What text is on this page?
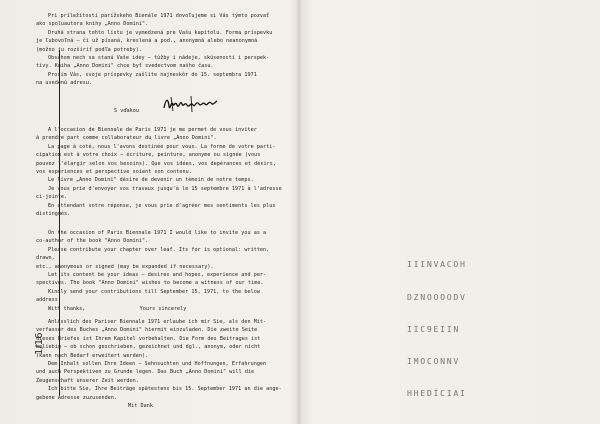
1/16

Pri príležitosti parížskeho Bienále 1971 dovoľujeme si Vás týmto pozvať

ako spoluautora knihy „Anno Domini".

Druhá strana tohto listu je vymedzená pre Vašu kapitolu. Forma príspevku

je ľubovoľná — či už písaná, kreslená a pod., anonymná alebo neanonymná

(možno ju rozšíriť podľa potreby).

Obsahom nech sa stanú Vaše idey — túžby i nádeje, skúsenosti i perspek-

tívy. Kniha „Anno Domini" chce byť svedectvom našho času.

Prosím Vás, svoje príspevky zašlite najneskôr do 15. septembra 1971

na uvedenú adresu.

S vďakou

A l'occasion de Biennale de Paris 1971 je me permet de vous inviter

à prendre part comme collaborateur du livre „Anno Domini".

La page à coté, nous l'avons destinée pour vous. La forme de votre parti-

cipation est à votre choix — écriture, peinture, anonyme ou signée (vous

pouvez l'élargir selon vos besoins). Que vos idées, vos depérances et désirs,

vos expériences et perspective soient son contenu.

Le livre „Anno Domini" désire de devenir un témoin de notre temps.

Je vous prie d'envoyer vos travaux jusqu'à le 15 septembre 1971 à l'adresse

ci-jointe.

En attendant votre réponse, je vous prie d'agréer mes sentiments les plus

distingués.

On the occasion of Paris Biennale 1971 I would like to invite you as a

co-author of the book "Anno Domini".

Please contribute your chapter over leaf. Its for is optional: written, drawn,

etc., anonymous or signed (may be expanded if necessary).

Let its content be your ideas — desires and hopes, experience and per-

spectives. The book "Anno Domini" wishes to become a witness of our time.

Kindly send your contributions till September 15, 1971, to the below

address.

With thanks,	Yours sincerely

Anlässlich des Pariser Biennale 1971 erlaube ich mir Sie, als den Mit-

verfasser des Buches „Anno Domini" hiermit einzuladen. Die zweite Seite

dieses Briefes ist Ihrem Kapitel vorbehalten. Die Form des Beitrages ist

beliebig — ob schon geschrieben, gezeichnet und dgl., anonym, oder nicht

(kann nach Bedarf erweitert werden).

Dem Inhalt sollen Ihre Ideen — Sehnsuchten und Hoffnungen, Erfahrungen

und auch Perspektiven zu Grunde legen. Das Buch „Anno Domini" will die

Zeugenschaft unserer Zeit werden.

Ich bitte Sie, Ihre Beiträge spätestens bis 15. September 1971 an die ange-

gebene Adresse zuzusenden.

Mit Dank

IIINVACOH

DZNOOOODV

IIC9EIIN

IMOCONNV

HHEDÍCIAI
